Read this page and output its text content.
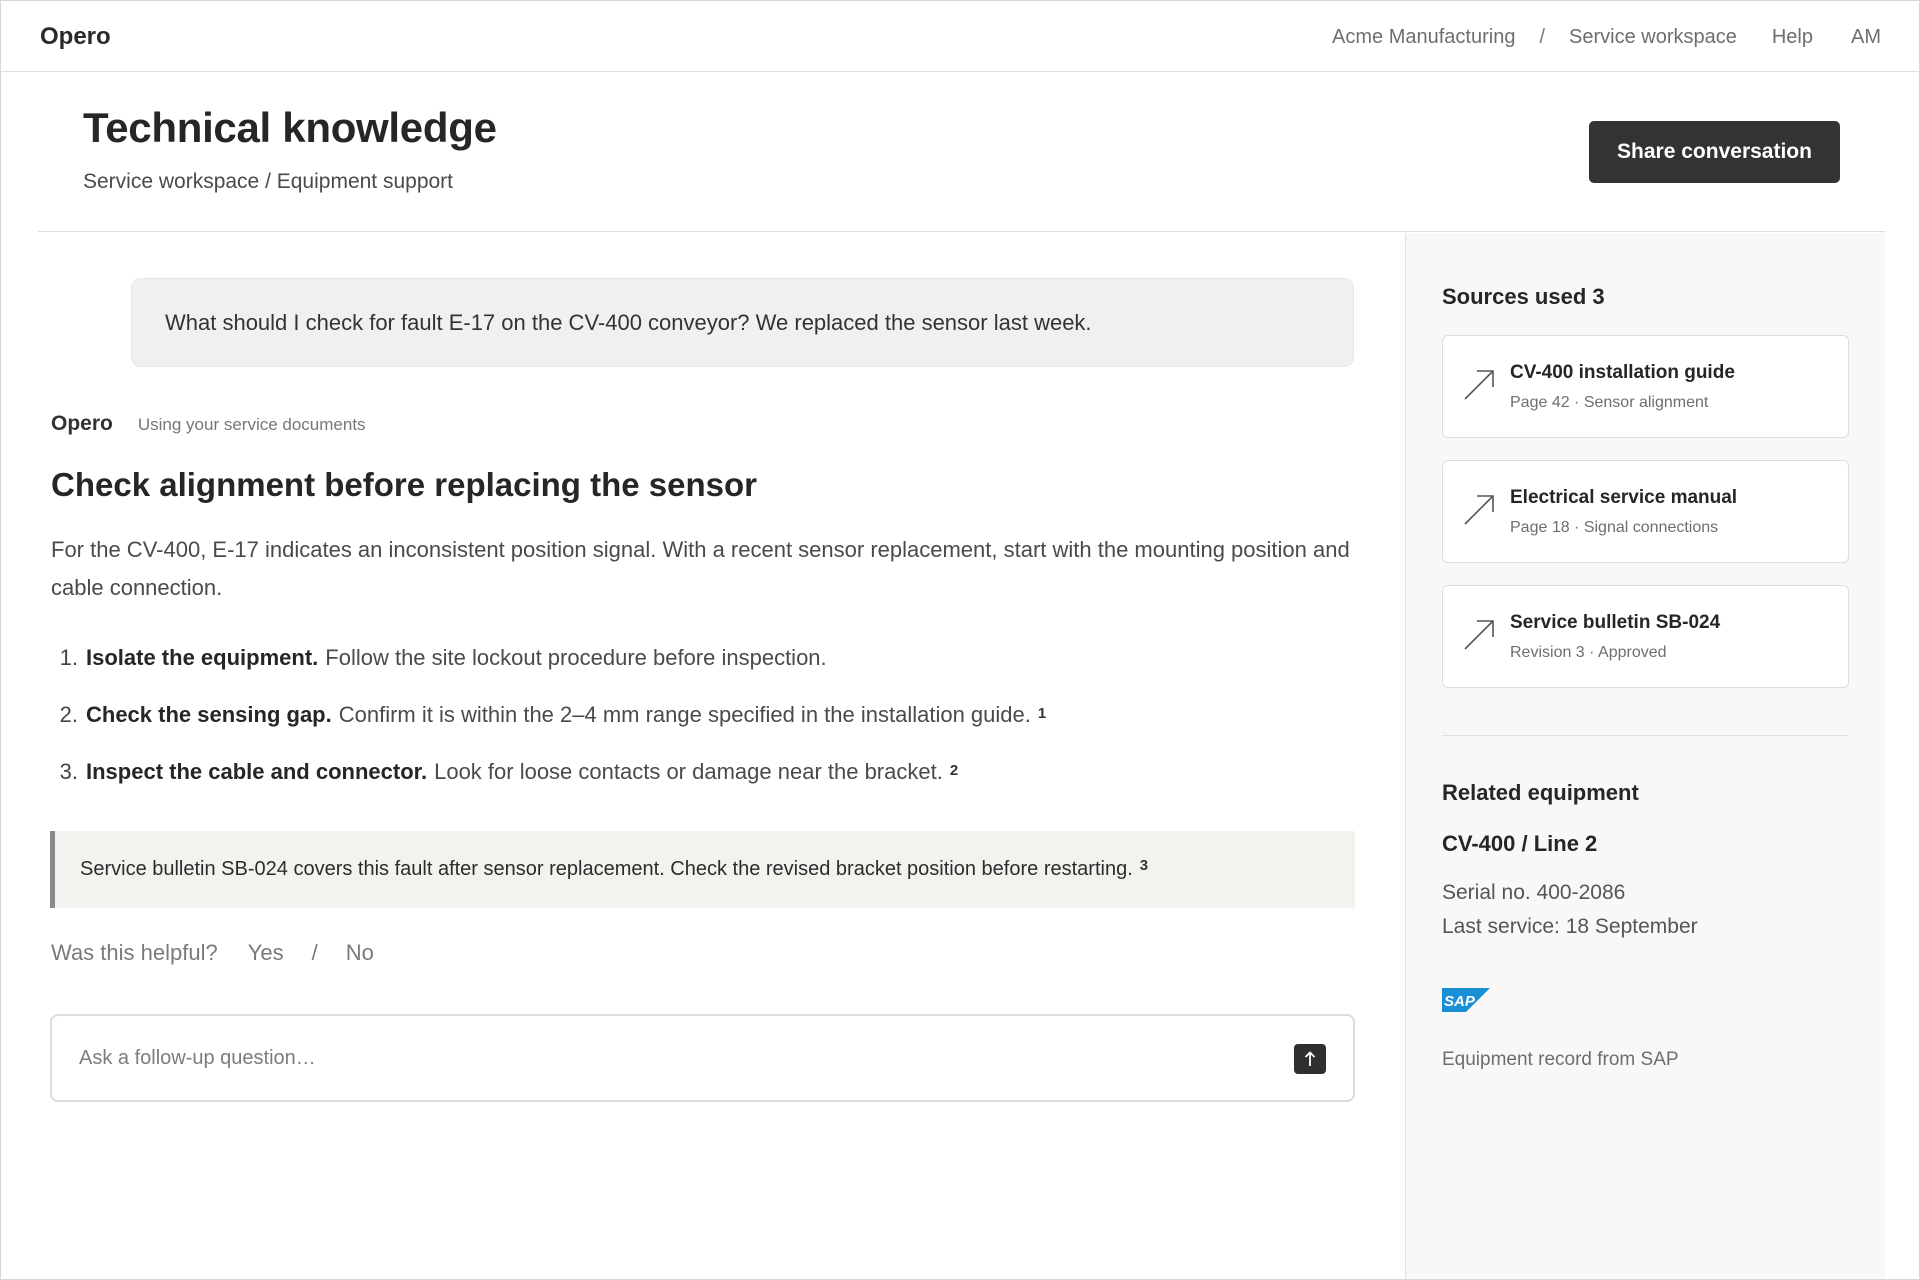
Opero	Acme Manufacturing / Service workspace Help AM
Technical knowledge
Service workspace / Equipment support
Share conversation
What should I check for fault E-17 on the CV-400 conveyor? We replaced the sensor last week.
Opero Using your service documents
Check alignment before replacing the sensor

For the CV-400, E-17 indicates an inconsistent position signal. With a recent sensor replacement, start with the mounting position and cable connection.

1. Isolate the equipment. Follow the site lockout procedure before inspection.
2. Check the sensing gap. Confirm it is within the 2–4 mm range specified in the installation guide. $^1$
3. Inspect the cable and connector. Look for loose contacts or damage near the bracket. $^2$
Service bulletin SB-024 covers this fault after sensor replacement. Check the revised bracket position before restarting. $^3$
Was this helpful? Yes / No
Ask a follow-up question…
Sources used 3
CV-400 installation guide
Page 42 · Sensor alignment
Electrical service manual
Page 18 · Signal connections
Service bulletin SB-024
Revision 3 · Approved
Related equipment
CV-400 / Line 2
Serial no. 400-2086
Last service: 18 September
SAP
Equipment record from SAP
